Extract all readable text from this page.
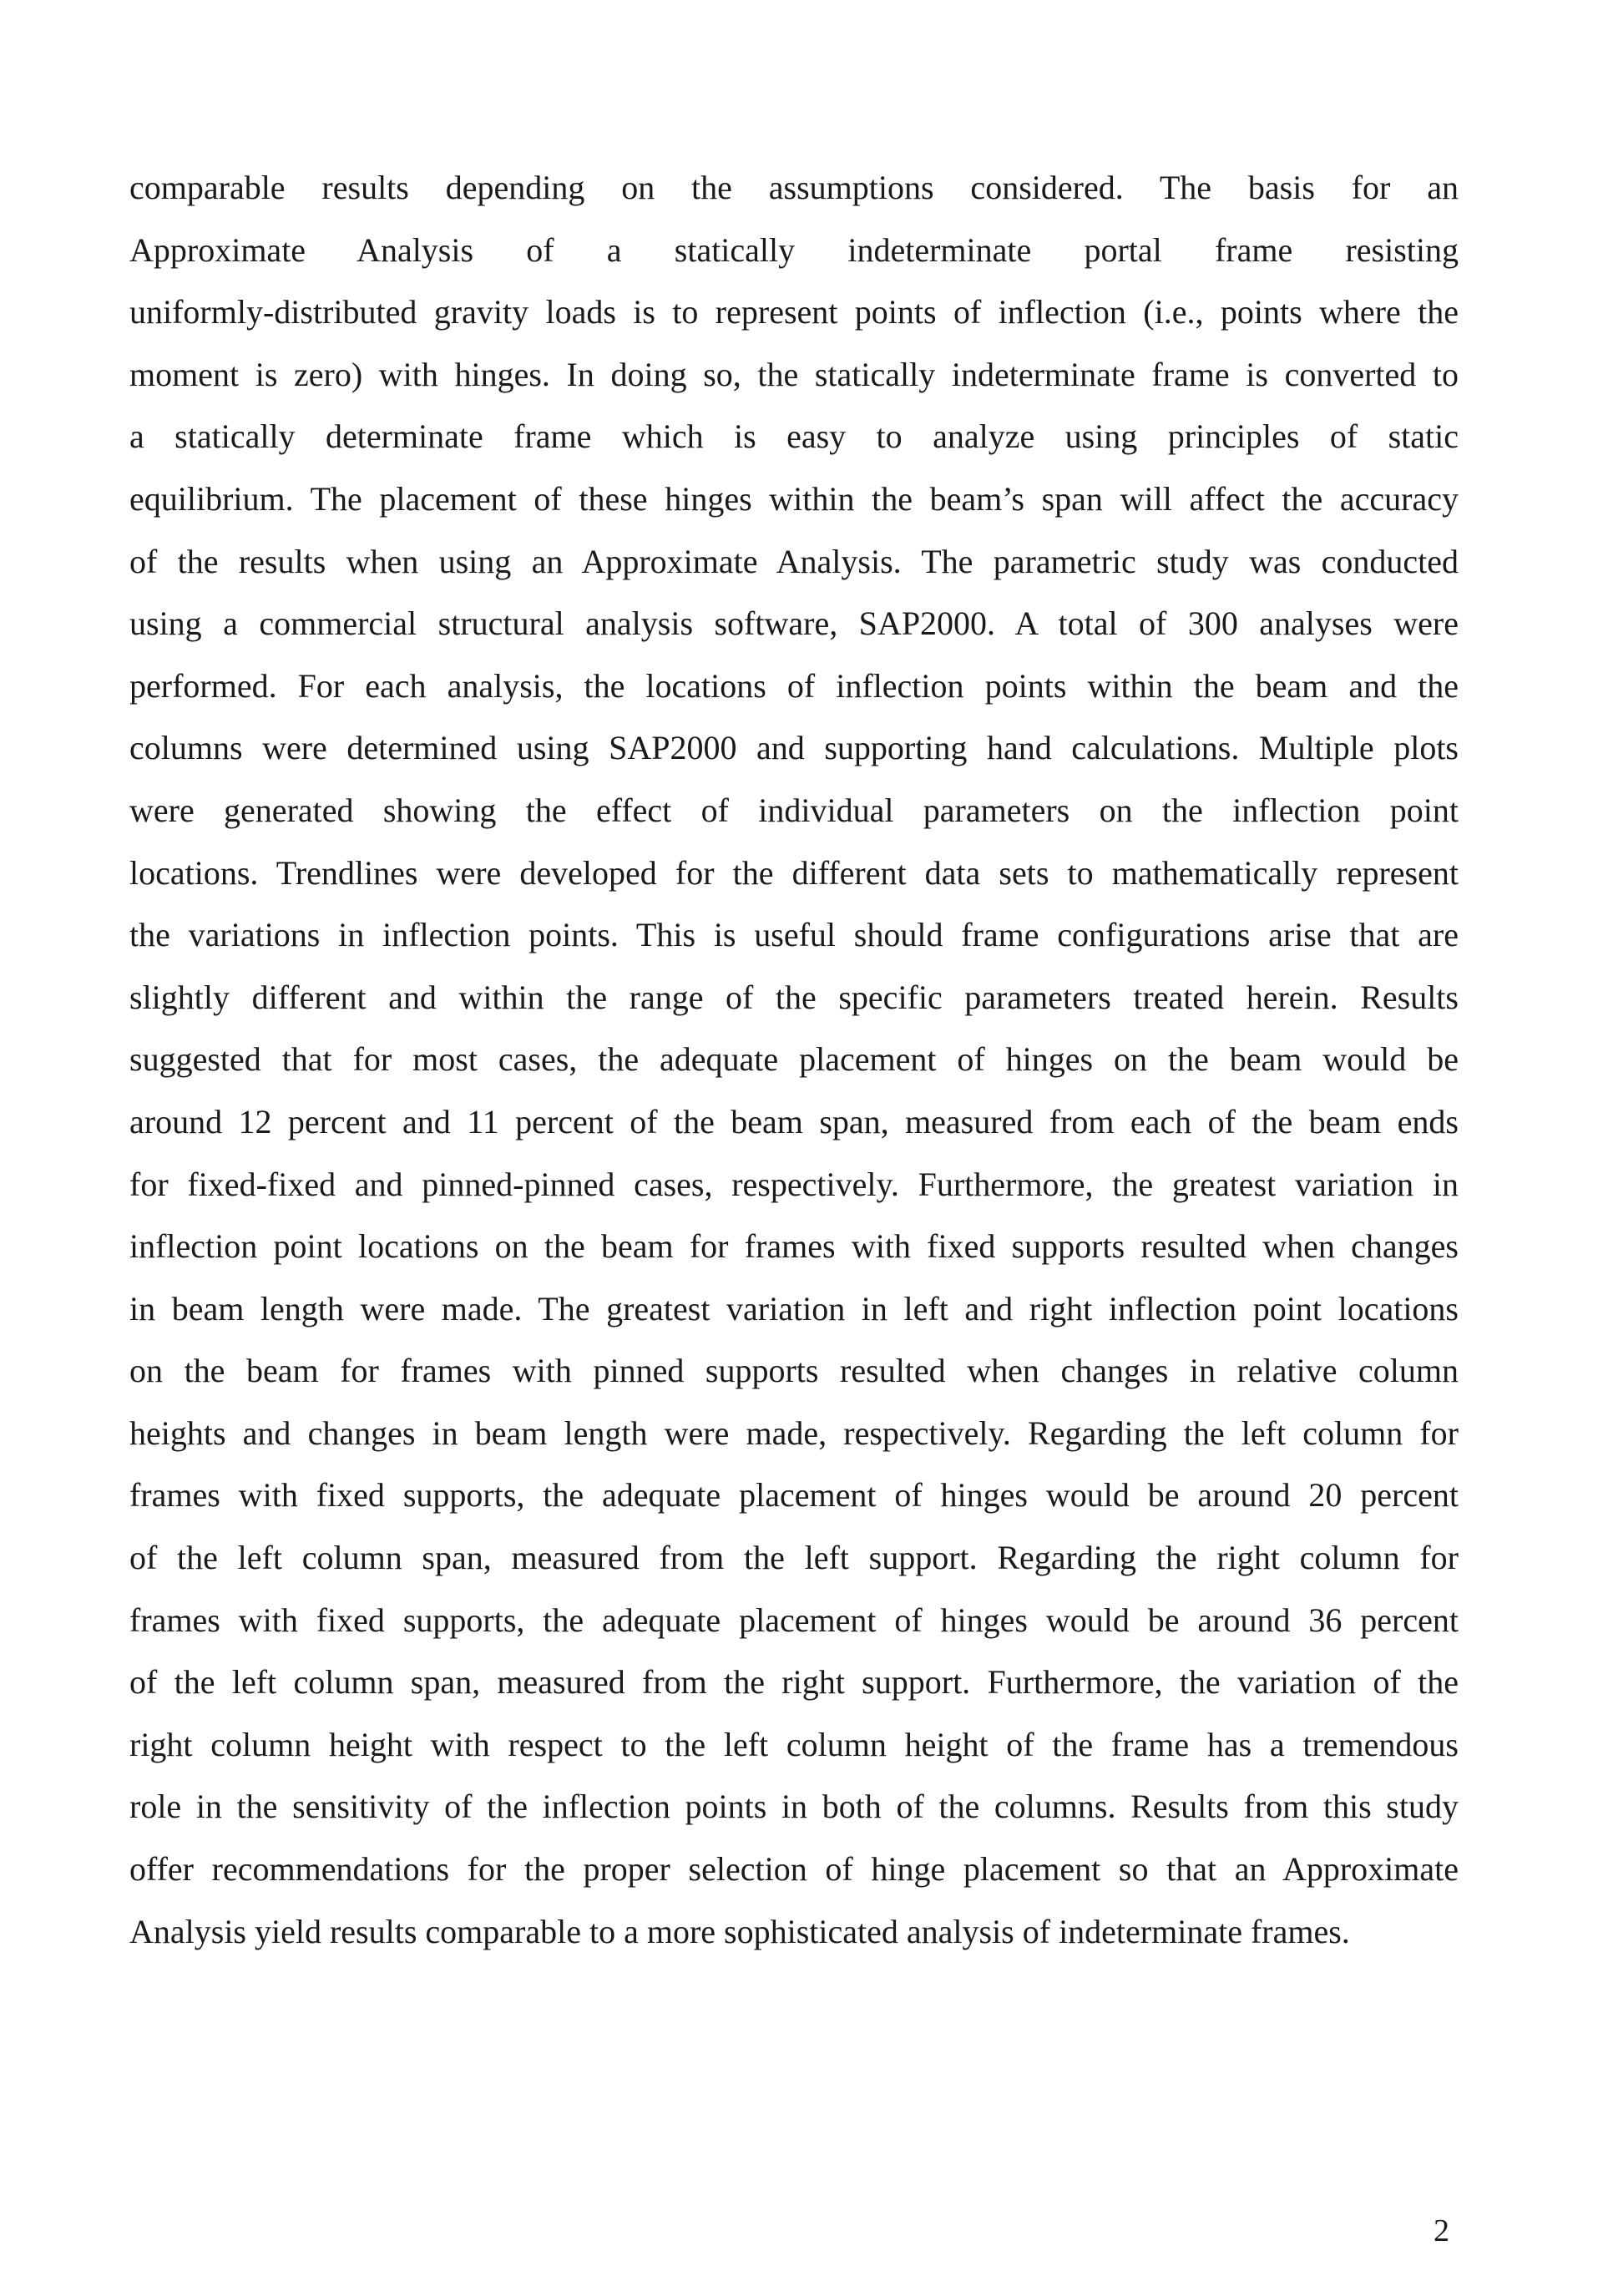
comparable results depending on the assumptions considered. The basis for an
Approximate Analysis of a statically indeterminate portal frame resisting
uniformly-distributed gravity loads is to represent points of inflection (i.e., points where the
moment is zero) with hinges. In doing so, the statically indeterminate frame is converted to
a statically determinate frame which is easy to analyze using principles of static
equilibrium. The placement of these hinges within the beam’s span will affect the accuracy
of the results when using an Approximate Analysis. The parametric study was conducted
using a commercial structural analysis software, SAP2000. A total of 300 analyses were
performed. For each analysis, the locations of inflection points within the beam and the
columns were determined using SAP2000 and supporting hand calculations. Multiple plots
were generated showing the effect of individual parameters on the inflection point
locations. Trendlines were developed for the different data sets to mathematically represent
the variations in inflection points. This is useful should frame configurations arise that are
slightly different and within the range of the specific parameters treated herein. Results
suggested that for most cases, the adequate placement of hinges on the beam would be
around 12 percent and 11 percent of the beam span, measured from each of the beam ends
for fixed-fixed and pinned-pinned cases, respectively. Furthermore, the greatest variation in
inflection point locations on the beam for frames with fixed supports resulted when changes
in beam length were made. The greatest variation in left and right inflection point locations
on the beam for frames with pinned supports resulted when changes in relative column
heights and changes in beam length were made, respectively. Regarding the left column for
frames with fixed supports, the adequate placement of hinges would be around 20 percent
of the left column span, measured from the left support. Regarding the right column for
frames with fixed supports, the adequate placement of hinges would be around 36 percent
of the left column span, measured from the right support. Furthermore, the variation of the
right column height with respect to the left column height of the frame has a tremendous
role in the sensitivity of the inflection points in both of the columns. Results from this study
offer recommendations for the proper selection of hinge placement so that an Approximate
Analysis yield results comparable to a more sophisticated analysis of indeterminate frames.

2
